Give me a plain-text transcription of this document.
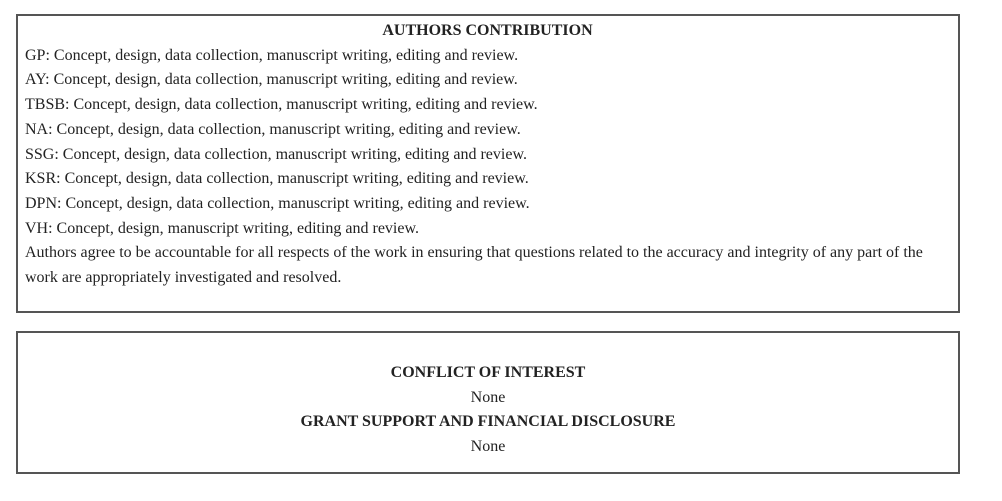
AUTHORS CONTRIBUTION

GP: Concept, design, data collection, manuscript writing, editing and review.

AY: Concept, design, data collection, manuscript writing, editing and review.

TBSB: Concept, design, data collection, manuscript writing, editing and review.

NA: Concept, design, data collection, manuscript writing, editing and review.

SSG: Concept, design, data collection, manuscript writing, editing and review.

KSR: Concept, design, data collection, manuscript writing, editing and review.

DPN: Concept, design, data collection, manuscript writing, editing and review.

VH: Concept, design, manuscript writing, editing and review.

Authors agree to be accountable for all respects of the work in ensuring that questions related to the accuracy and integrity of any part of the work are appropriately investigated and resolved.

CONFLICT OF INTEREST

None

GRANT SUPPORT AND FINANCIAL DISCLOSURE

None
